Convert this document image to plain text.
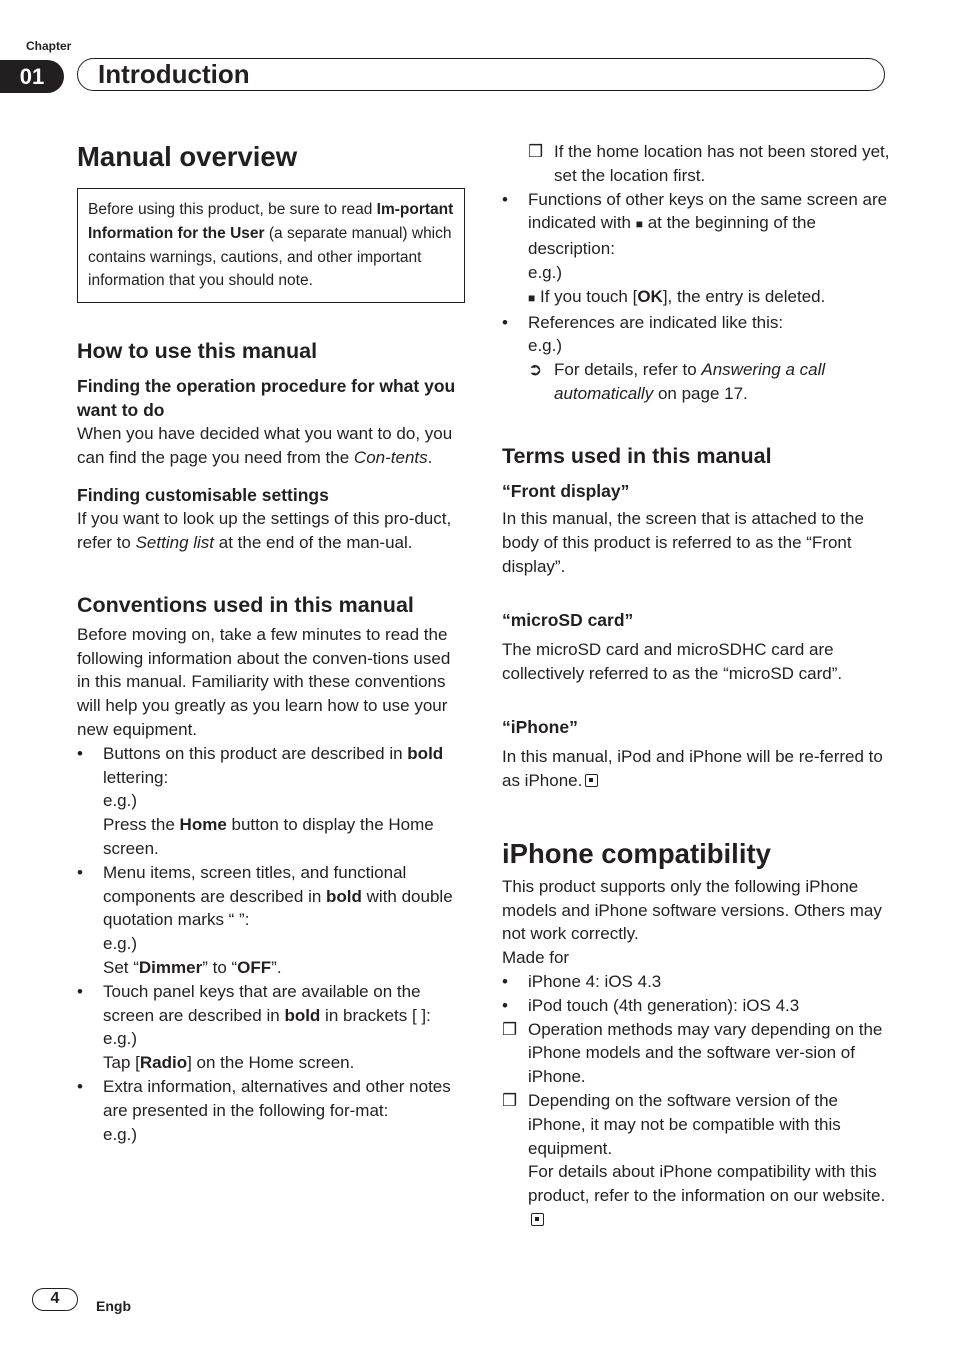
Chapter
01	Introduction
Manual overview
Before using this product, be sure to read Im-portant Information for the User (a separate manual) which contains warnings, cautions, and other important information that you should note.
How to use this manual
Finding the operation procedure for what you want to do

When you have decided what you want to do, you can find the page you need from the Con-tents.

Finding customisable settings

If you want to look up the settings of this pro-duct, refer to Setting list at the end of the man-ual.

Conventions used in this manual

Before moving on, take a few minutes to read the following information about the conven-tions used in this manual. Familiarity with these conventions will help you greatly as you learn how to use your new equipment.

•	Buttons on this product are described in bold lettering:
e.g.)
Press the Home button to display the Home screen.
•	Menu items, screen titles, and functional components are described in bold with double quotation marks “ ”:
e.g.)
Set “Dimmer” to “OFF”.
•	Touch panel keys that are available on the screen are described in bold in brackets [ ]:
e.g.)
Tap [Radio] on the Home screen.
•	Extra information, alternatives and other notes are presented in the following for-mat:
e.g.)
❒ If the home location has not been stored yet, set the location first.
•	Functions of other keys on the same screen are indicated with ■ at the beginning of the description:
e.g.)
■ If you touch [OK], the entry is deleted.
•	References are indicated like this:
e.g.)
➲ For details, refer to Answering a call automatically on page 17.
Terms used in this manual
“Front display”

In this manual, the screen that is attached to the body of this product is referred to as the “Front display”.

“microSD card”

The microSD card and microSDHC card are collectively referred to as the “microSD card”.

“iPhone”

In this manual, iPod and iPhone will be re-ferred to as iPhone.

iPhone compatibility

This product supports only the following iPhone models and iPhone software versions. Others may not work correctly.

Made for

•	iPhone 4: iOS 4.3
•	iPod touch (4th generation): iOS 4.3
❒ Operation methods may vary depending on the iPhone models and the software ver-sion of iPhone.
❒ Depending on the software version of the iPhone, it may not be compatible with this equipment.
For details about iPhone compatibility with this product, refer to the information on our website.
4	Engb
